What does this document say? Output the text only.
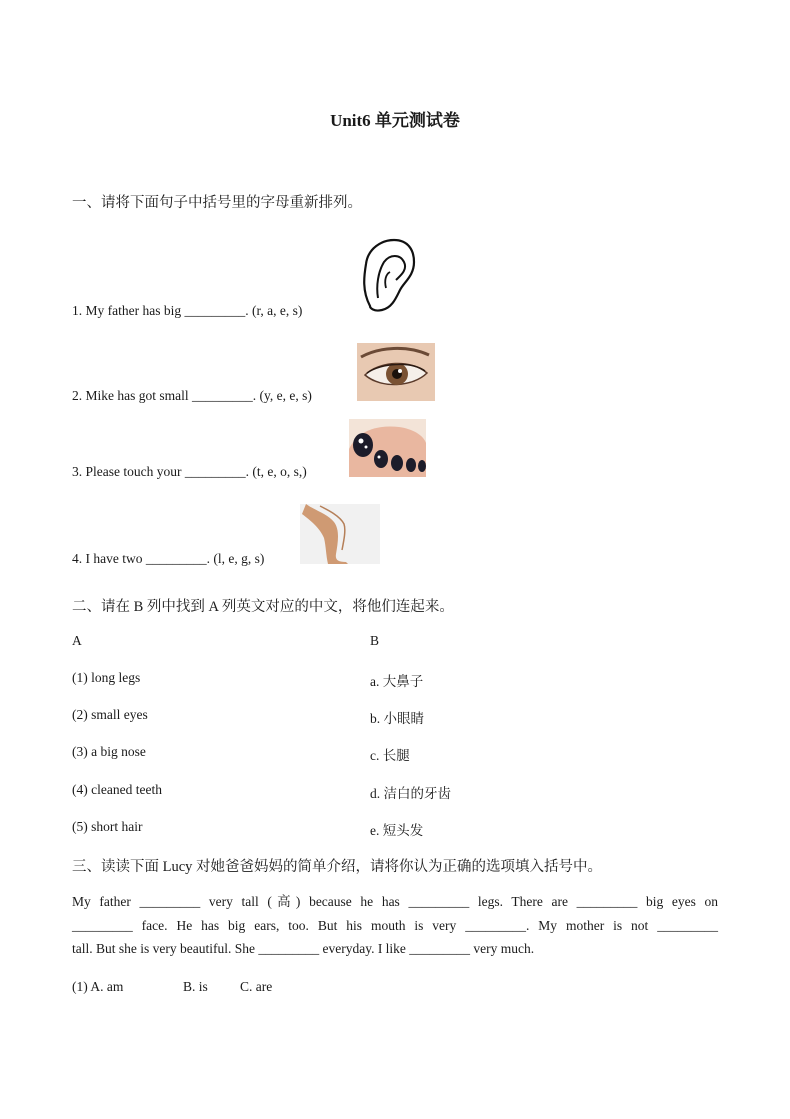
Unit6 单元测试卷
一、请将下面句子中括号里的字母重新排列。
1. My father has big _________. (r, a, e, s)
2. Mike has got small _________. (y, e, e, s)
3. Please touch your _________. (t, e, o, s,)
4. I have two _________. (l, e, g, s)
二、请在 B 列中找到 A 列英文对应的中文，将他们连起来。
A	B
(1) long legs
(2) small eyes
(3) a big nose
(4) cleaned teeth
(5) short hair
a. 大鼻子
b. 小眼睛
c. 长腿
d. 洁白的牙齿
e. 短头发
三、读读下面 Lucy 对她爸爸妈妈的简单介绍，请将你认为正确的选项填入括号中。
My father _________ very tall (高) because he has _________ legs. There are _________ big eyes on
_________ face. He has big ears, too. But his mouth is very _________. My mother is not _________
tall. But she is very beautiful. She _________ everyday. I like _________ very much.
(1) A. am	B. is C. are
